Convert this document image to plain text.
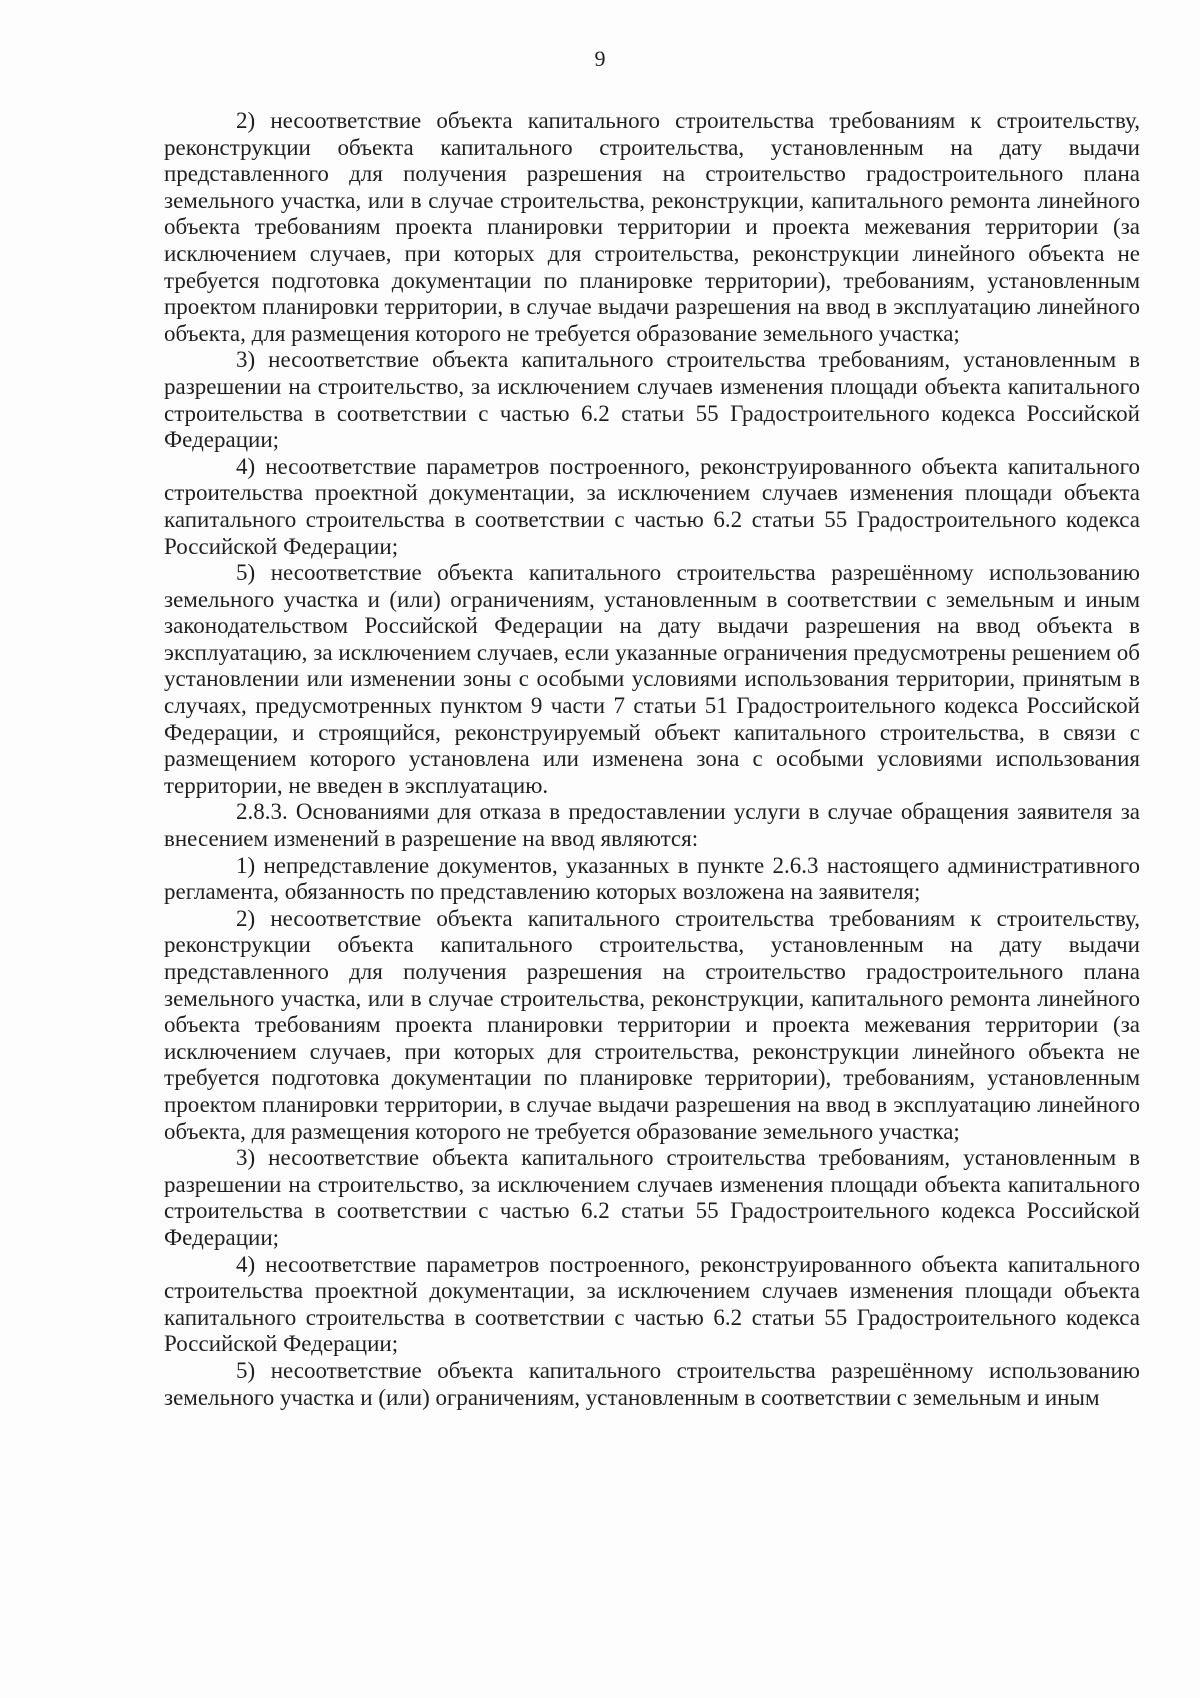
9

2) несоответствие объекта капитального строительства требованиям к строительству, реконструкции объекта капитального строительства, установленным на дату выдачи представленного для получения разрешения на строительство градостроительного плана земельного участка, или в случае строительства, реконструкции, капитального ремонта линейного объекта требованиям проекта планировки территории и проекта межевания территории (за исключением случаев, при которых для строительства, реконструкции линейного объекта не требуется подготовка документации по планировке территории), требованиям, установленным проектом планировки территории, в случае выдачи разрешения на ввод в эксплуатацию линейного объекта, для размещения которого не требуется образование земельного участка;

3) несоответствие объекта капитального строительства требованиям, установленным в разрешении на строительство, за исключением случаев изменения площади объекта капитального строительства в соответствии с частью 6.2 статьи 55 Градостроительного кодекса Российской Федерации;

4) несоответствие параметров построенного, реконструированного объекта капитального строительства проектной документации, за исключением случаев изменения площади объекта капитального строительства в соответствии с частью 6.2 статьи 55 Градостроительного кодекса Российской Федерации;

5) несоответствие объекта капитального строительства разрешённому использованию земельного участка и (или) ограничениям, установленным в соответствии с земельным и иным законодательством Российской Федерации на дату выдачи разрешения на ввод объекта в эксплуатацию, за исключением случаев, если указанные ограничения предусмотрены решением об установлении или изменении зоны с особыми условиями использования территории, принятым в случаях, предусмотренных пунктом 9 части 7 статьи 51 Градостроительного кодекса Российской Федерации, и строящийся, реконструируемый объект капитального строительства, в связи с размещением которого установлена или изменена зона с особыми условиями использования территории, не введен в эксплуатацию.

2.8.3. Основаниями для отказа в предоставлении услуги в случае обращения заявителя за внесением изменений в разрешение на ввод являются:

1) непредставление документов, указанных в пункте 2.6.3 настоящего административного регламента, обязанность по представлению которых возложена на заявителя;

2) несоответствие объекта капитального строительства требованиям к строительству, реконструкции объекта капитального строительства, установленным на дату выдачи представленного для получения разрешения на строительство градостроительного плана земельного участка, или в случае строительства, реконструкции, капитального ремонта линейного объекта требованиям проекта планировки территории и проекта межевания территории (за исключением случаев, при которых для строительства, реконструкции линейного объекта не требуется подготовка документации по планировке территории), требованиям, установленным проектом планировки территории, в случае выдачи разрешения на ввод в эксплуатацию линейного объекта, для размещения которого не требуется образование земельного участка;

3) несоответствие объекта капитального строительства требованиям, установленным в разрешении на строительство, за исключением случаев изменения площади объекта капитального строительства в соответствии с частью 6.2 статьи 55 Градостроительного кодекса Российской Федерации;

4) несоответствие параметров построенного, реконструированного объекта капитального строительства проектной документации, за исключением случаев изменения площади объекта капитального строительства в соответствии с частью 6.2 статьи 55 Градостроительного кодекса Российской Федерации;

5) несоответствие объекта капитального строительства разрешённому использованию земельного участка и (или) ограничениям, установленным в соответствии с земельным и иным
